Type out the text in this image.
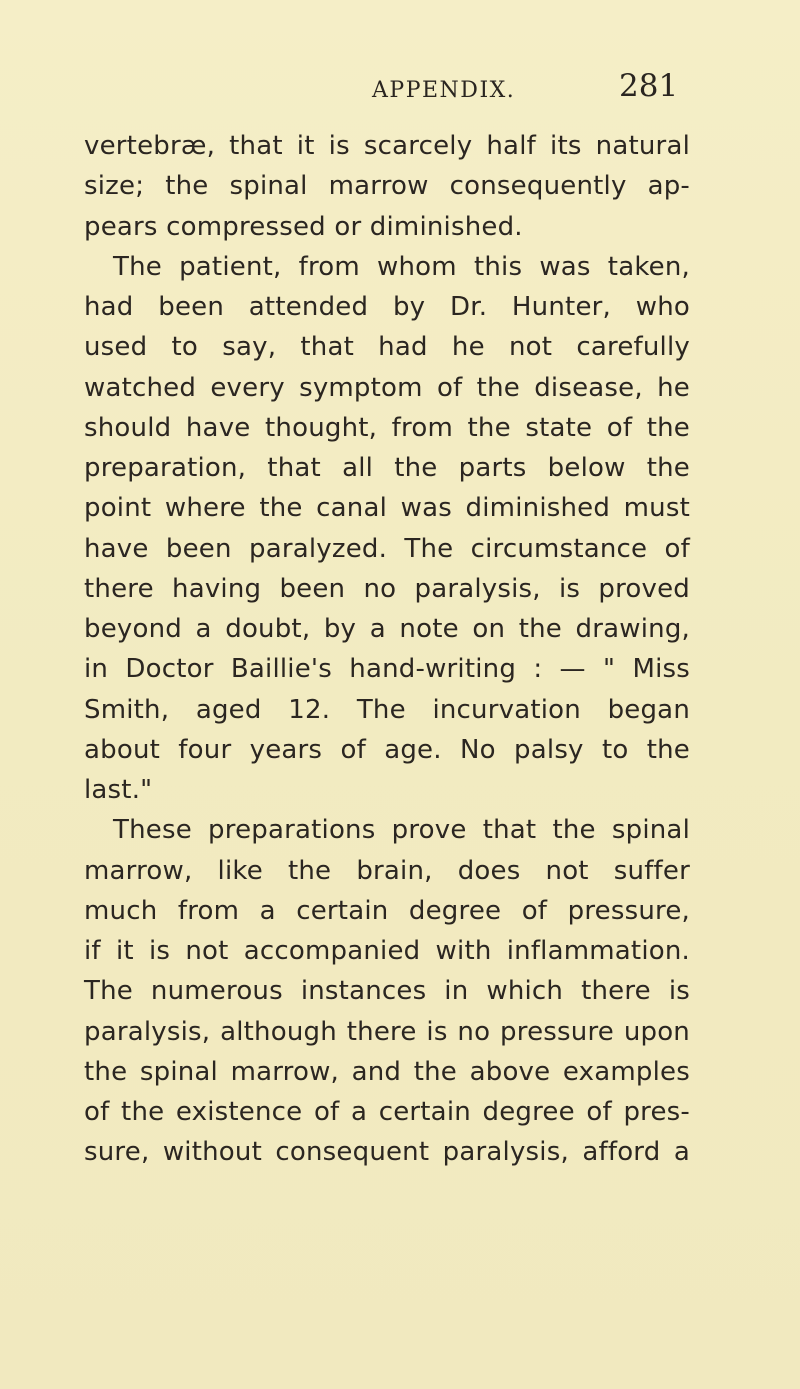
APPENDIX.	281
vertebræ, that it is scarcely half its natural
size; the spinal marrow consequently ap-
pears compressed or diminished.
The patient, from whom this was taken,
had been attended by Dr. Hunter, who
used to say, that had he not carefully
watched every symptom of the disease, he
should have thought, from the state of the
preparation, that all the parts below the
point where the canal was diminished must
have been paralyzed. The circumstance of
there having been no paralysis, is proved
beyond a doubt, by a note on the drawing,
in Doctor Baillie's hand-writing : — " Miss
Smith, aged 12. The incurvation began
about four years of age. No palsy to the
last."
These preparations prove that the spinal
marrow, like the brain, does not suffer
much from a certain degree of pressure,
if it is not accompanied with inflammation.
The numerous instances in which there is
paralysis, although there is no pressure upon
the spinal marrow, and the above examples
of the existence of a certain degree of pres-
sure, without consequent paralysis, afford a
